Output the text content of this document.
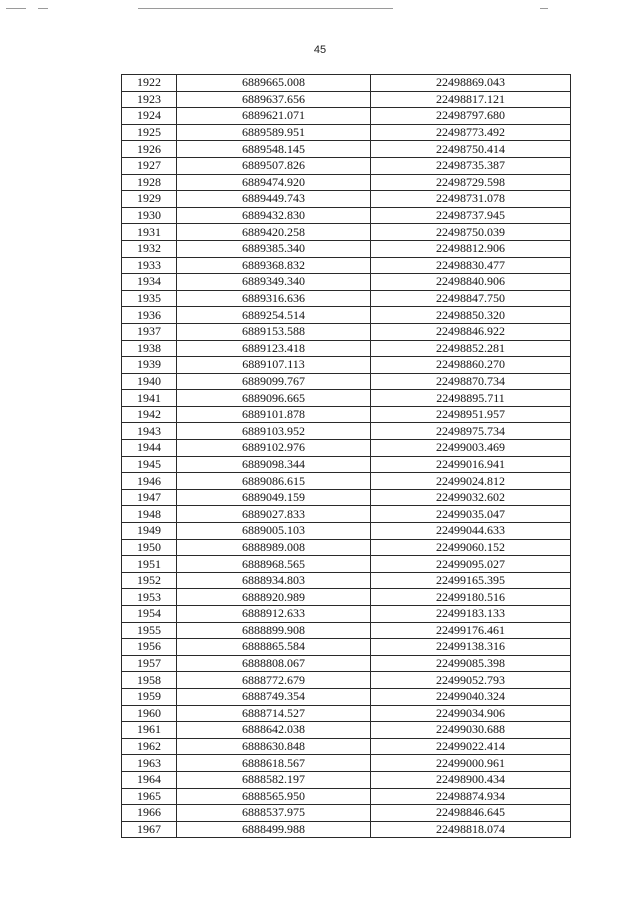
45
1922	6889665.008	22498869.043
1923	6889637.656	22498817.121
1924	6889621.071	22498797.680
1925	6889589.951	22498773.492
1926	6889548.145	22498750.414
1927	6889507.826	22498735.387
1928	6889474.920	22498729.598
1929	6889449.743	22498731.078
1930	6889432.830	22498737.945
1931	6889420.258	22498750.039
1932	6889385.340	22498812.906
1933	6889368.832	22498830.477
1934	6889349.340	22498840.906
1935	6889316.636	22498847.750
1936	6889254.514	22498850.320
1937	6889153.588	22498846.922
1938	6889123.418	22498852.281
1939	6889107.113	22498860.270
1940	6889099.767	22498870.734
1941	6889096.665	22498895.711
1942	6889101.878	22498951.957
1943	6889103.952	22498975.734
1944	6889102.976	22499003.469
1945	6889098.344	22499016.941
1946	6889086.615	22499024.812
1947	6889049.159	22499032.602
1948	6889027.833	22499035.047
1949	6889005.103	22499044.633
1950	6888989.008	22499060.152
1951	6888968.565	22499095.027
1952	6888934.803	22499165.395
1953	6888920.989	22499180.516
1954	6888912.633	22499183.133
1955	6888899.908	22499176.461
1956	6888865.584	22499138.316
1957	6888808.067	22499085.398
1958	6888772.679	22499052.793
1959	6888749.354	22499040.324
1960	6888714.527	22499034.906
1961	6888642.038	22499030.688
1962	6888630.848	22499022.414
1963	6888618.567	22499000.961
1964	6888582.197	22498900.434
1965	6888565.950	22498874.934
1966	6888537.975	22498846.645
1967	6888499.988	22498818.074
